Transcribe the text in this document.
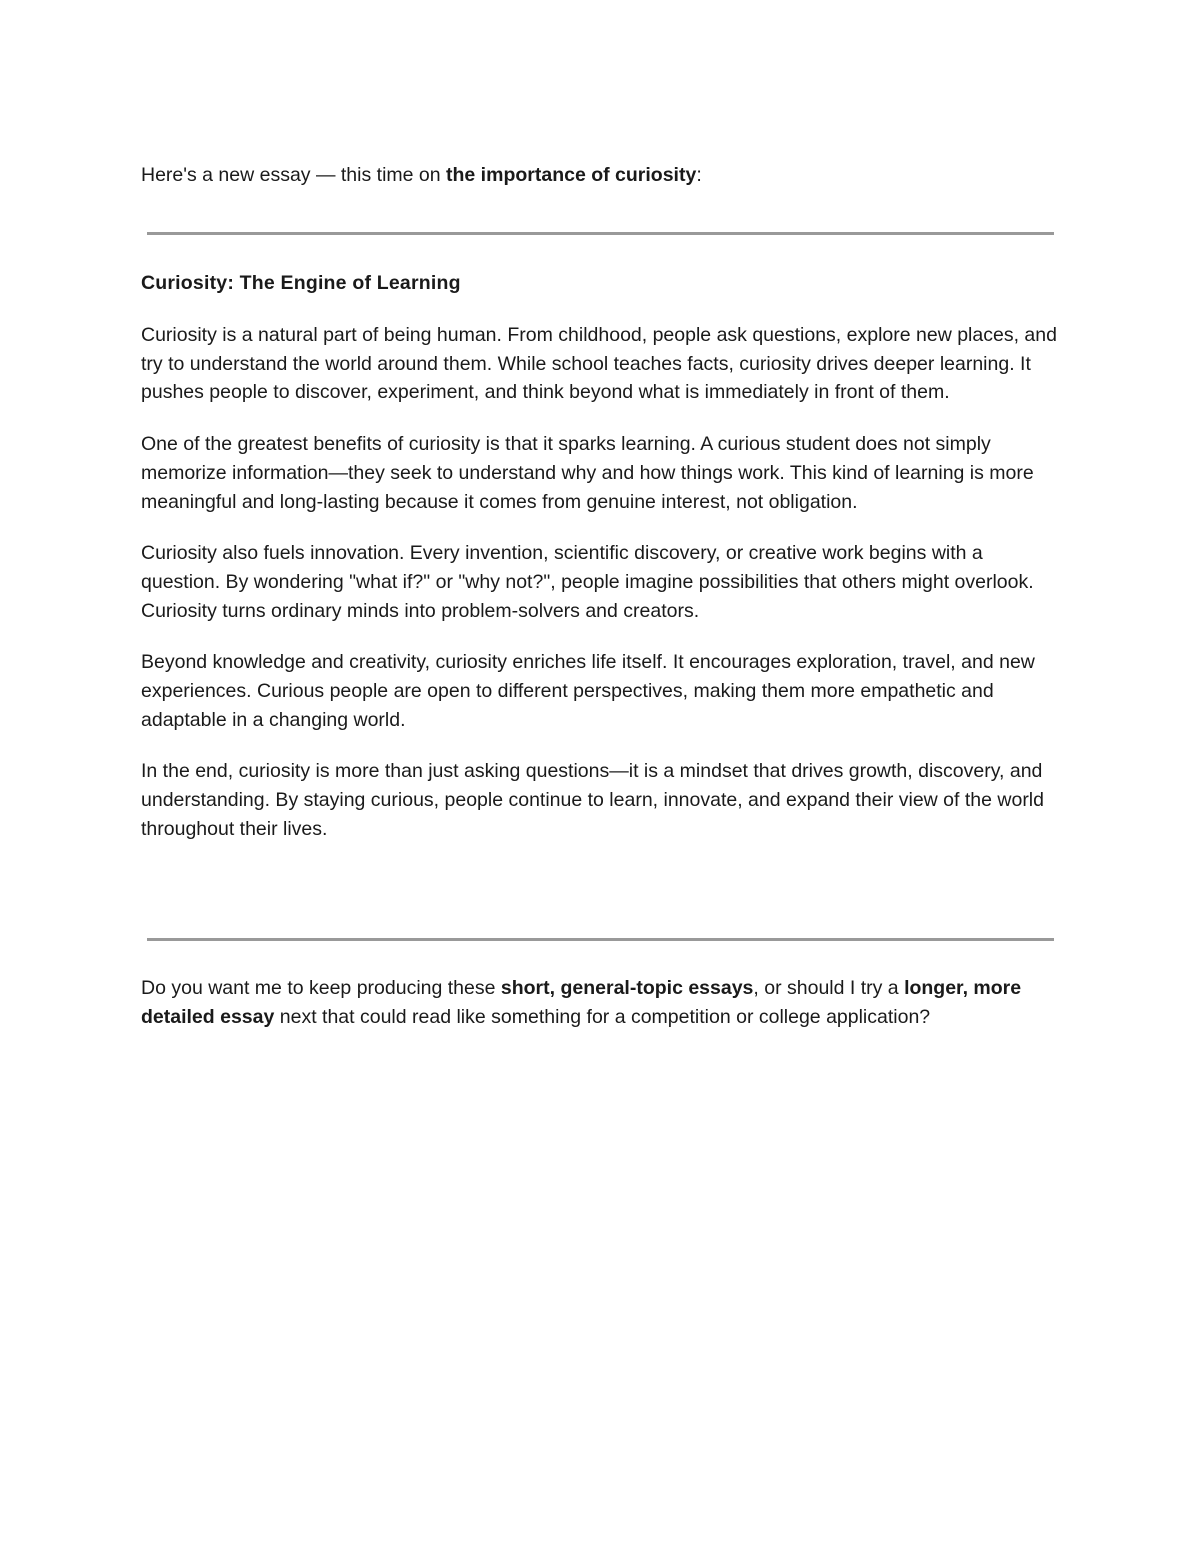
Here's a new essay — this time on the importance of curiosity:

Curiosity: The Engine of Learning

Curiosity is a natural part of being human. From childhood, people ask questions, explore new places, and try to understand the world around them. While school teaches facts, curiosity drives deeper learning. It pushes people to discover, experiment, and think beyond what is immediately in front of them.

One of the greatest benefits of curiosity is that it sparks learning. A curious student does not simply memorize information—they seek to understand why and how things work. This kind of learning is more meaningful and long-lasting because it comes from genuine interest, not obligation.

Curiosity also fuels innovation. Every invention, scientific discovery, or creative work begins with a question. By wondering "what if?" or "why not?", people imagine possibilities that others might overlook. Curiosity turns ordinary minds into problem-solvers and creators.

Beyond knowledge and creativity, curiosity enriches life itself. It encourages exploration, travel, and new experiences. Curious people are open to different perspectives, making them more empathetic and adaptable in a changing world.

In the end, curiosity is more than just asking questions—it is a mindset that drives growth, discovery, and understanding. By staying curious, people continue to learn, innovate, and expand their view of the world throughout their lives.

Do you want me to keep producing these short, general-topic essays, or should I try a longer, more detailed essay next that could read like something for a competition or college application?
